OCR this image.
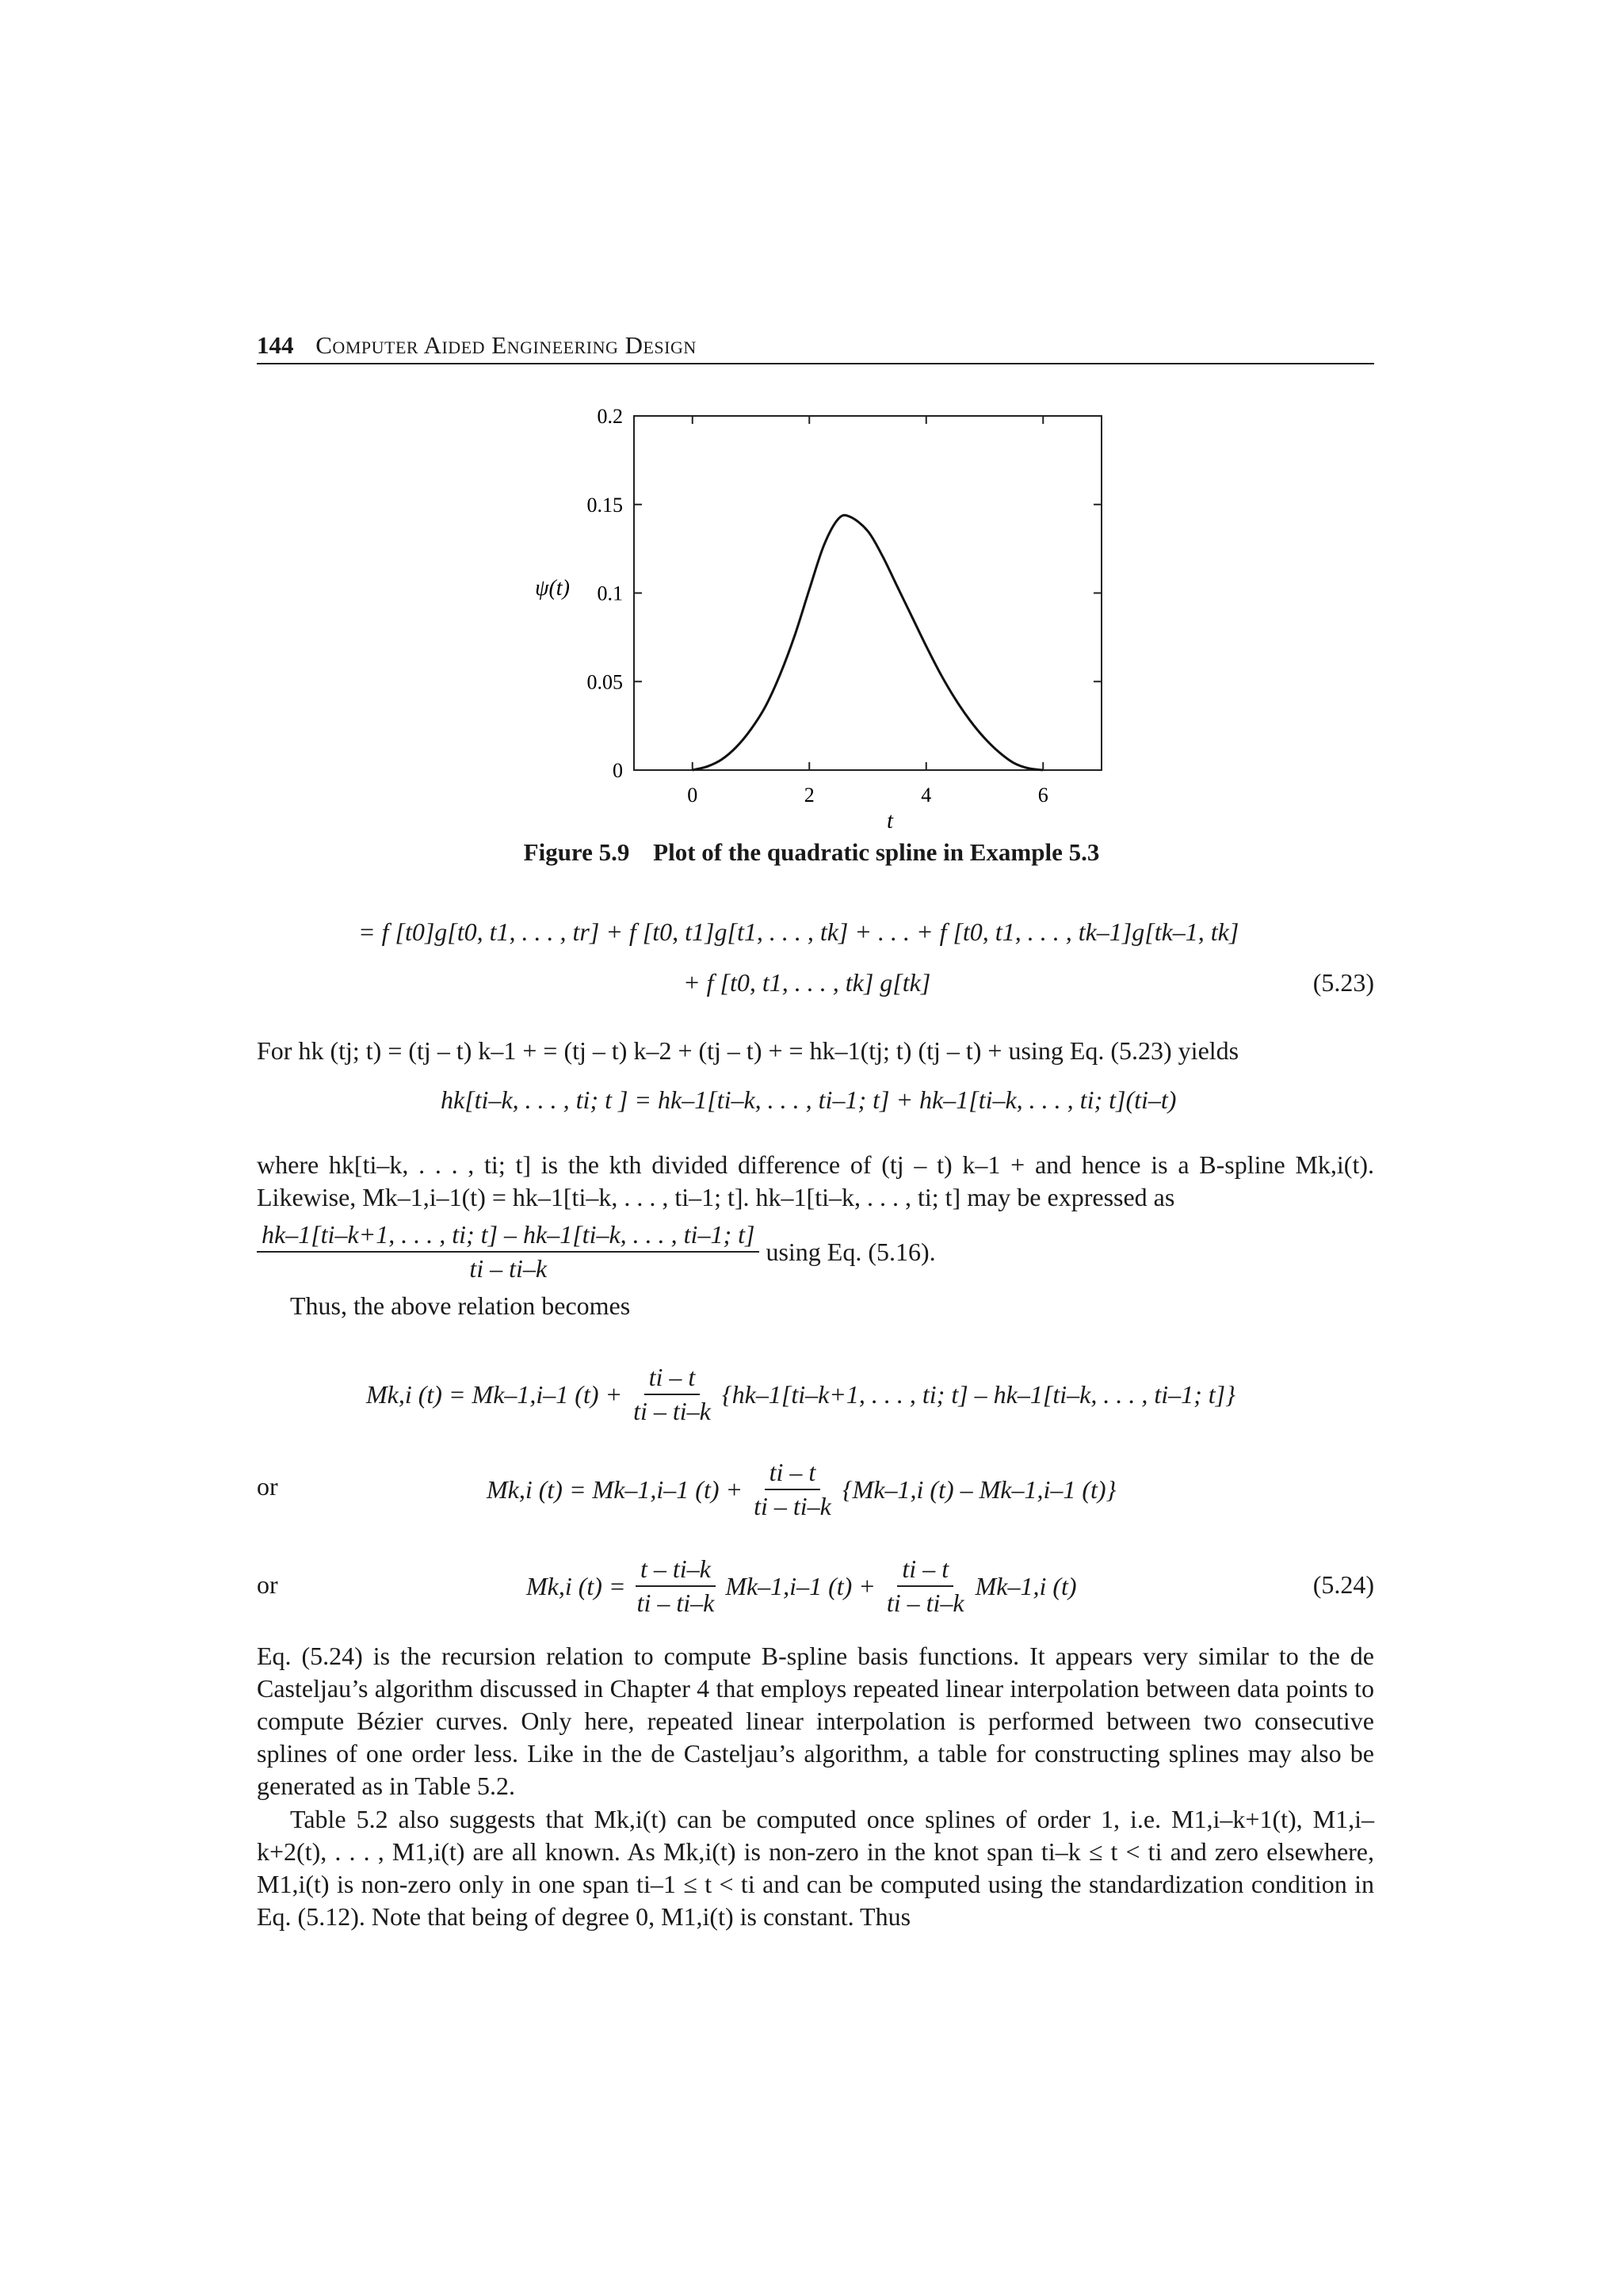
144 Computer Aided Engineering Design
0
0.05
0.1
0.15
0.2
0	2	4	6
ψ(t)
t
Figure 5.9 Plot of the quadratic spline in Example 5.3
= f [t0]g[t0, t1, . . . , tr] + f [t0, t1]g[t1, . . . , tk] + . . . + f [t0, t1, . . . , tk–1]g[tk–1, tk]
+ f [t0, t1, . . . , tk] g[tk]	(5.23)

For hk (tj; t) = (tj – t) k–1 + = (tj – t) k–2 + (tj – t) + = hk–1(tj; t) (tj – t) + using Eq. (5.23) yields

hk[ti–k, . . . , ti; t ] = hk–1[ti–k, . . . , ti–1; t] + hk–1[ti–k, . . . , ti; t](ti–t)

where hk[ti–k, . . . , ti; t] is the kth divided difference of (tj – t) k–1 + and hence is a B-spline Mk,i(t). Likewise, Mk–1,i–1(t) = hk–1[ti–k, . . . , ti–1; t]. hk–1[ti–k, . . . , ti; t] may be expressed as

$\frac{hk-1[ti-k+1, . . . , ti; t] - hk-1[ti-k, . . . , ti-1; t]}{ti - ti-k}$ using Eq. (5.16).

Thus, the above relation becomes

Mk,i (t) = Mk–1,i–1 $(t) + \frac{ti - t}{ti - ti-k} \{hk-1[ti-k+1$, . . . , ti; t] – hk–1[ti–k, . . . , ti–1; t]}
or	Mk,i (t) = Mk–1,i–1 $(t) + \frac{ti - t}{ti - ti-k} \{Mk-1,i$ (t) – Mk–1,i–1 (t)}
or	Mk,i $(t) = \frac{t - ti-k}{ti - ti-k} Mk-1,i-1$ $(t) + \frac{ti - t}{ti - ti-k} Mk-1,i$ (t)	(5.24)

Eq. (5.24) is the recursion relation to compute B-spline basis functions. It appears very similar to the de Casteljau’s algorithm discussed in Chapter 4 that employs repeated linear interpolation between data points to compute Bézier curves. Only here, repeated linear interpolation is performed between two consecutive splines of one order less. Like in the de Casteljau’s algorithm, a table for constructing splines may also be generated as in Table 5.2.

Table 5.2 also suggests that Mk,i(t) can be computed once splines of order 1, i.e. M1,i–k+1(t), M1,i–k+2(t), . . . , M1,i(t) are all known. As Mk,i(t) is non-zero in the knot span ti–k ≤ t < ti and zero elsewhere, M1,i(t) is non-zero only in one span ti–1 ≤ t < ti and can be computed using the standardization condition in Eq. (5.12). Note that being of degree 0, M1,i(t) is constant. Thus
